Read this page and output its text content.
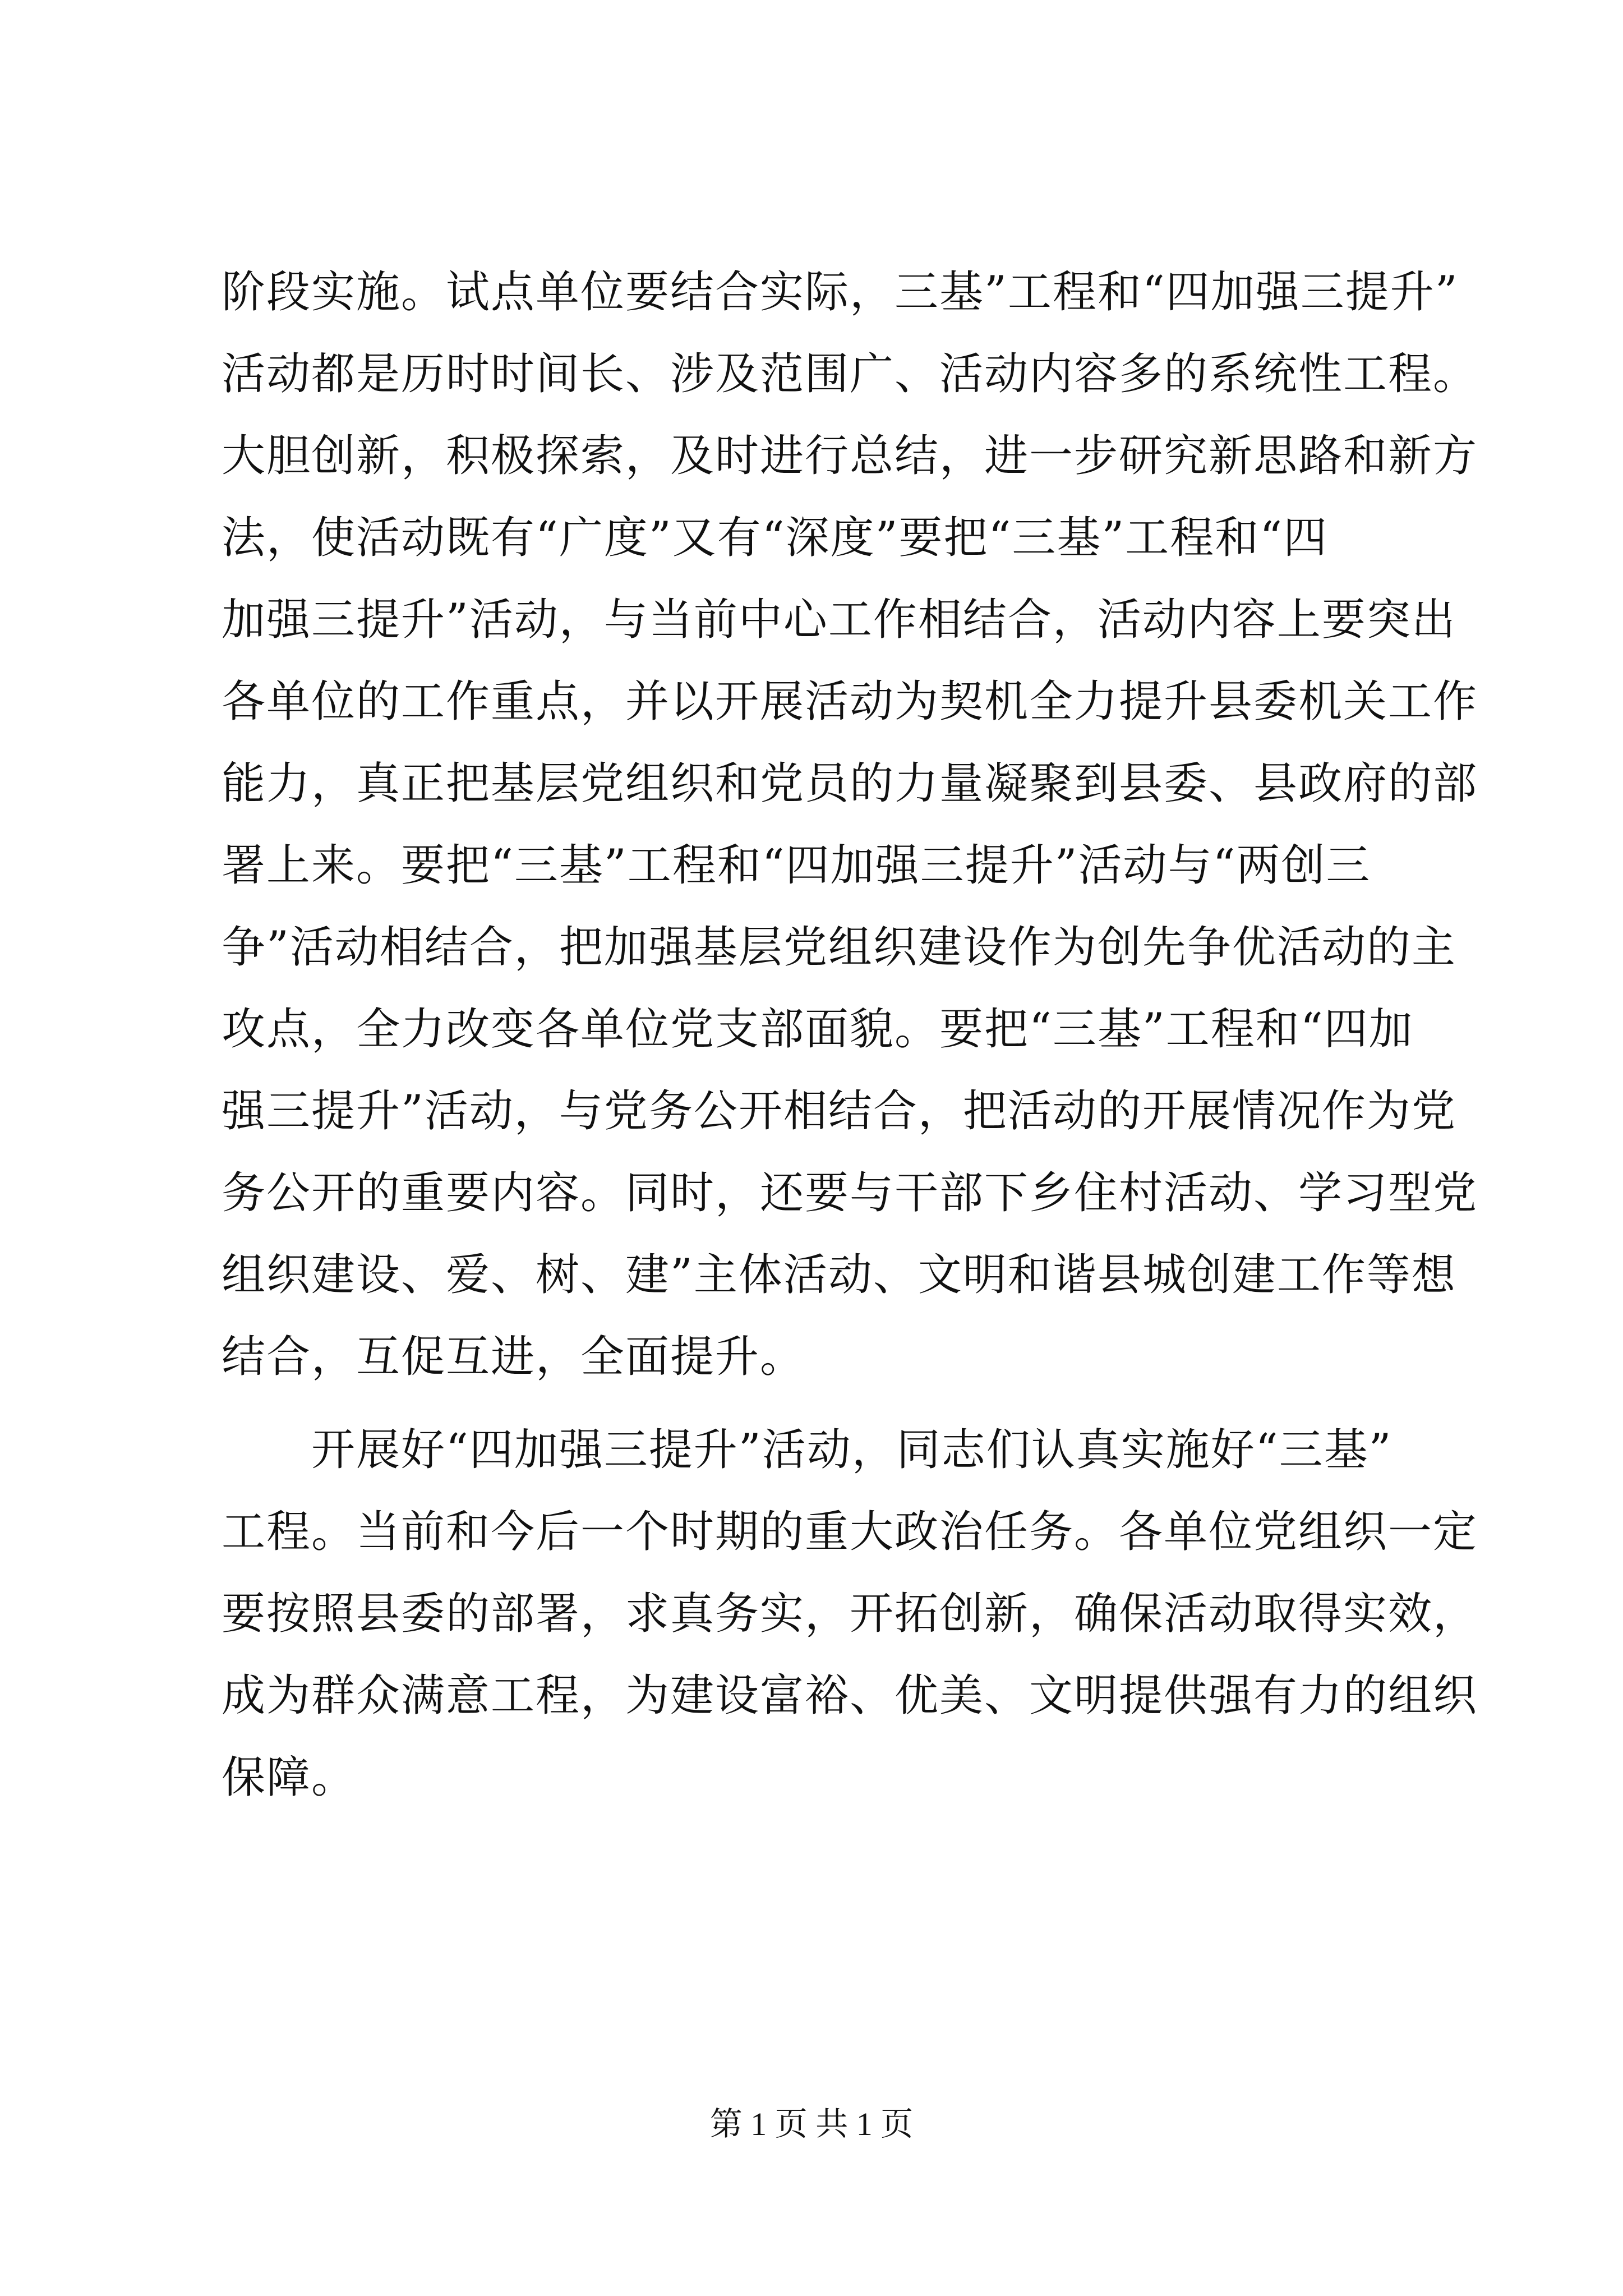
阶段实施。试点单位要结合实际，三基”工程和“四加强三提升”
活动都是历时时间长、涉及范围广、活动内容多的系统性工程。
大胆创新，积极探索，及时进行总结，进一步研究新思路和新方
法，使活动既有“广度”又有“深度”要把“三基”工程和“四
加强三提升”活动，与当前中心工作相结合，活动内容上要突出
各单位的工作重点，并以开展活动为契机全力提升县委机关工作
能力，真正把基层党组织和党员的力量凝聚到县委、县政府的部
署上来。要把“三基”工程和“四加强三提升”活动与“两创三
争”活动相结合，把加强基层党组织建设作为创先争优活动的主
攻点，全力改变各单位党支部面貌。要把“三基”工程和“四加
强三提升”活动，与党务公开相结合，把活动的开展情况作为党
务公开的重要内容。同时，还要与干部下乡住村活动、学习型党
组织建设、爱、树、建”主体活动、文明和谐县城创建工作等想
结合，互促互进，全面提升。
开展好“四加强三提升”活动，同志们认真实施好“三基”
工程。当前和今后一个时期的重大政治任务。各单位党组织一定
要按照县委的部署，求真务实，开拓创新，确保活动取得实效，
成为群众满意工程，为建设富裕、优美、文明提供强有力的组织
保障。
第 1 页 共 1 页
